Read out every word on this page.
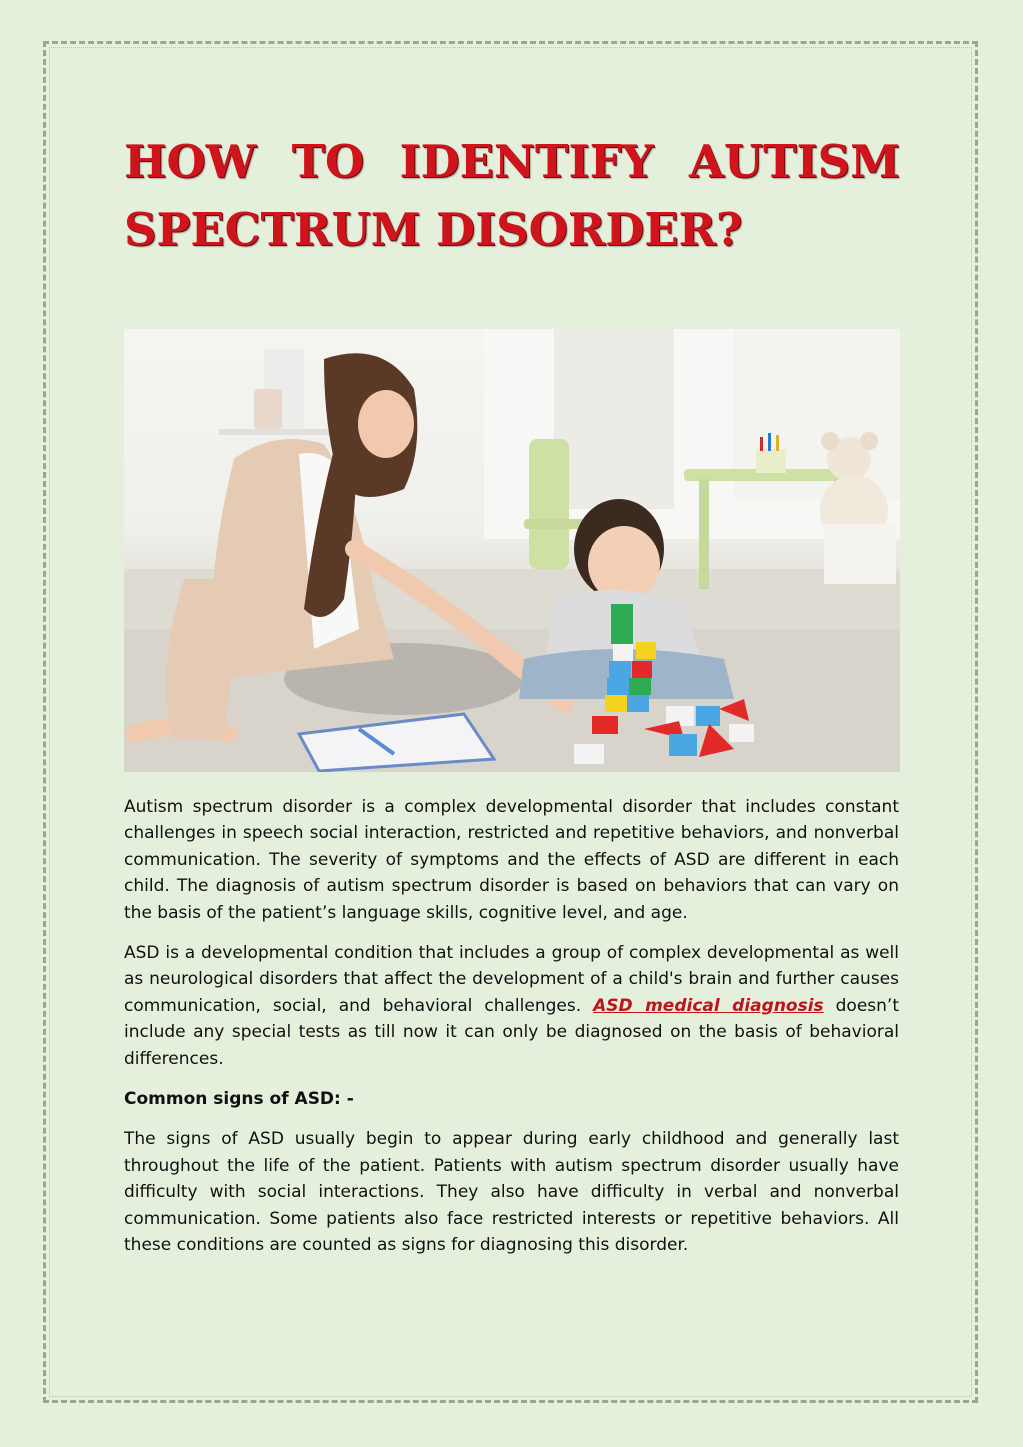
HOW TO IDENTIFY AUTISM
SPECTRUM DISORDER?

Autism spectrum disorder is a complex developmental disorder that includes constant challenges in speech social interaction, restricted and repetitive behaviors, and nonverbal communication. The severity of symptoms and the effects of ASD are different in each child. The diagnosis of autism spectrum disorder is based on behaviors that can vary on the basis of the patient’s language skills, cognitive level, and age.

ASD is a developmental condition that includes a group of complex developmental as well as neurological disorders that affect the development of a child's brain and further causes communication, social, and behavioral challenges. ASD medical diagnosis doesn’t include any special tests as till now it can only be diagnosed on the basis of behavioral differences.

Common signs of ASD: -

The signs of ASD usually begin to appear during early childhood and generally last throughout the life of the patient. Patients with autism spectrum disorder usually have difficulty with social interactions. They also have difficulty in verbal and nonverbal communication. Some patients also face restricted interests or repetitive behaviors. All these conditions are counted as signs for diagnosing this disorder.
